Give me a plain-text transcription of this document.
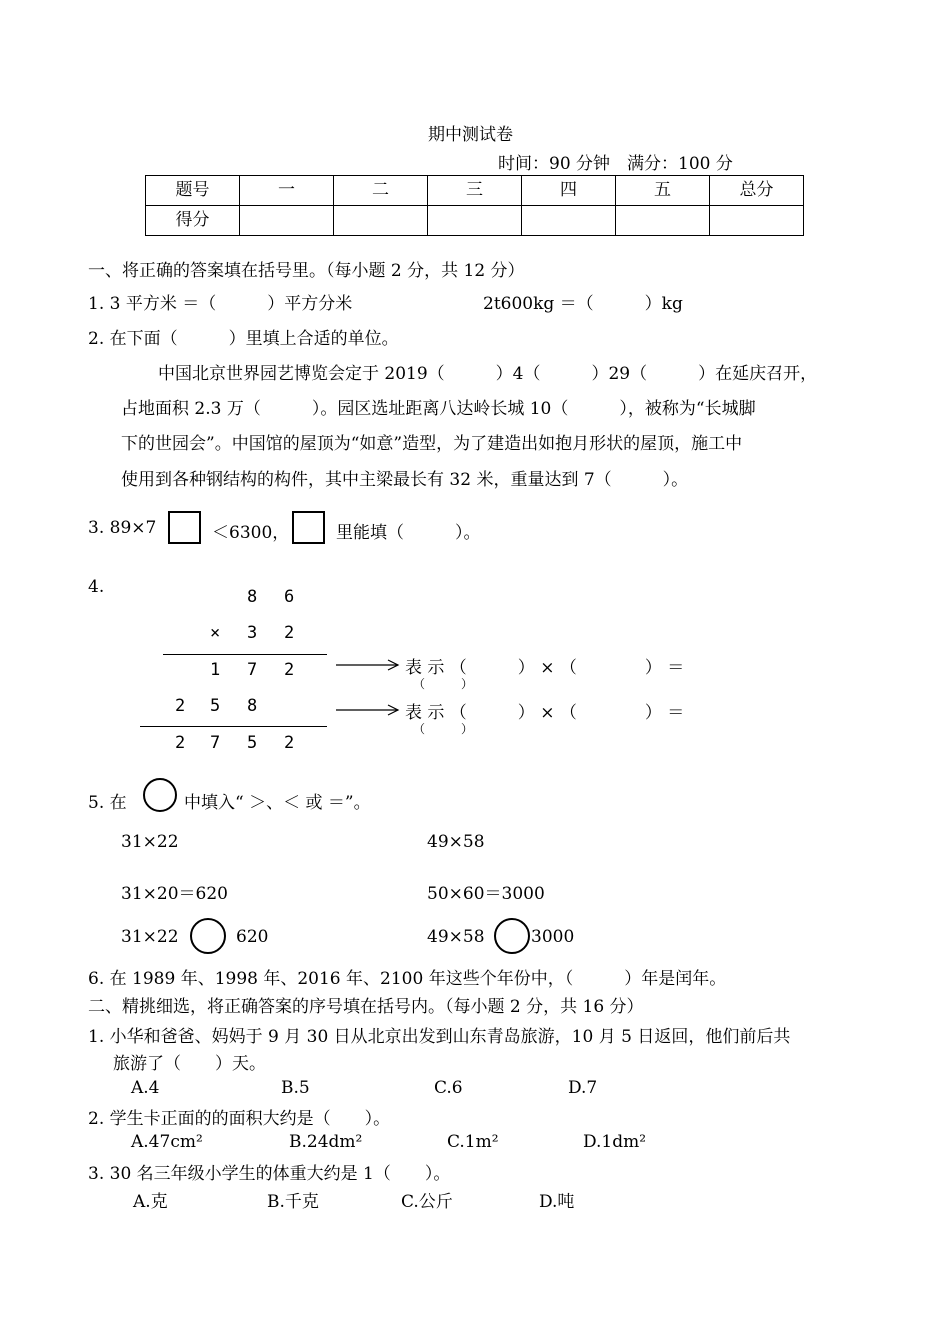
期中测试卷
时间：90 分钟　满分：100 分
题号	一	二	三	四	五	总分
得分						
一、将正确的答案填在括号里。（每小题 2 分，共 12 分）
1. 3 平方米 ＝（　　　）平方分米	2t600kg ＝（　　　）kg
2. 在下面（　　　）里填上合适的单位。
中国北京世界园艺博览会定于 2019（　　　）4（　　　）29（　　　）在延庆召开，
占地面积 2.3 万（　　　）。园区选址距离八达岭长城 10（　　　），被称为“长城脚
下的世园会”。中国馆的屋顶为“如意”造型，为了建造出如抱月形状的屋顶，施工中
使用到各种钢结构的构件，其中主梁最长有 32 米，重量达到 7（　　　）。
3. 89×7	＜6300，	里能填（　　　）。
4.	8 6
× 3 2
1 7 2
2 5 8
2 7 5 2
表 示 （　　　） × （　　　　） ＝
（　　　）
表 示 （　　　） × （　　　　） ＝
（　　　）
5. 在	中填入“ ＞、＜ 或 ＝”。
31×22	49×58
31×20＝620	50×60＝3000
31×22	620	49×58	3000
6. 在 1989 年、1998 年、2016 年、2100 年这些个年份中，（　　　）年是闰年。
二、精挑细选，将正确答案的序号填在括号内。（每小题 2 分，共 16 分）
1. 小华和爸爸、妈妈于 9 月 30 日从北京出发到山东青岛旅游，10 月 5 日返回，他们前后共
旅游了（　　）天。
A.4	B.5	C.6	D.7
2. 学生卡正面的的面积大约是（　　）。
A.47cm²	B.24dm²	C.1m²	D.1dm²
3. 30 名三年级小学生的体重大约是 1（　　）。
A.克	B.千克	C.公斤	D.吨
